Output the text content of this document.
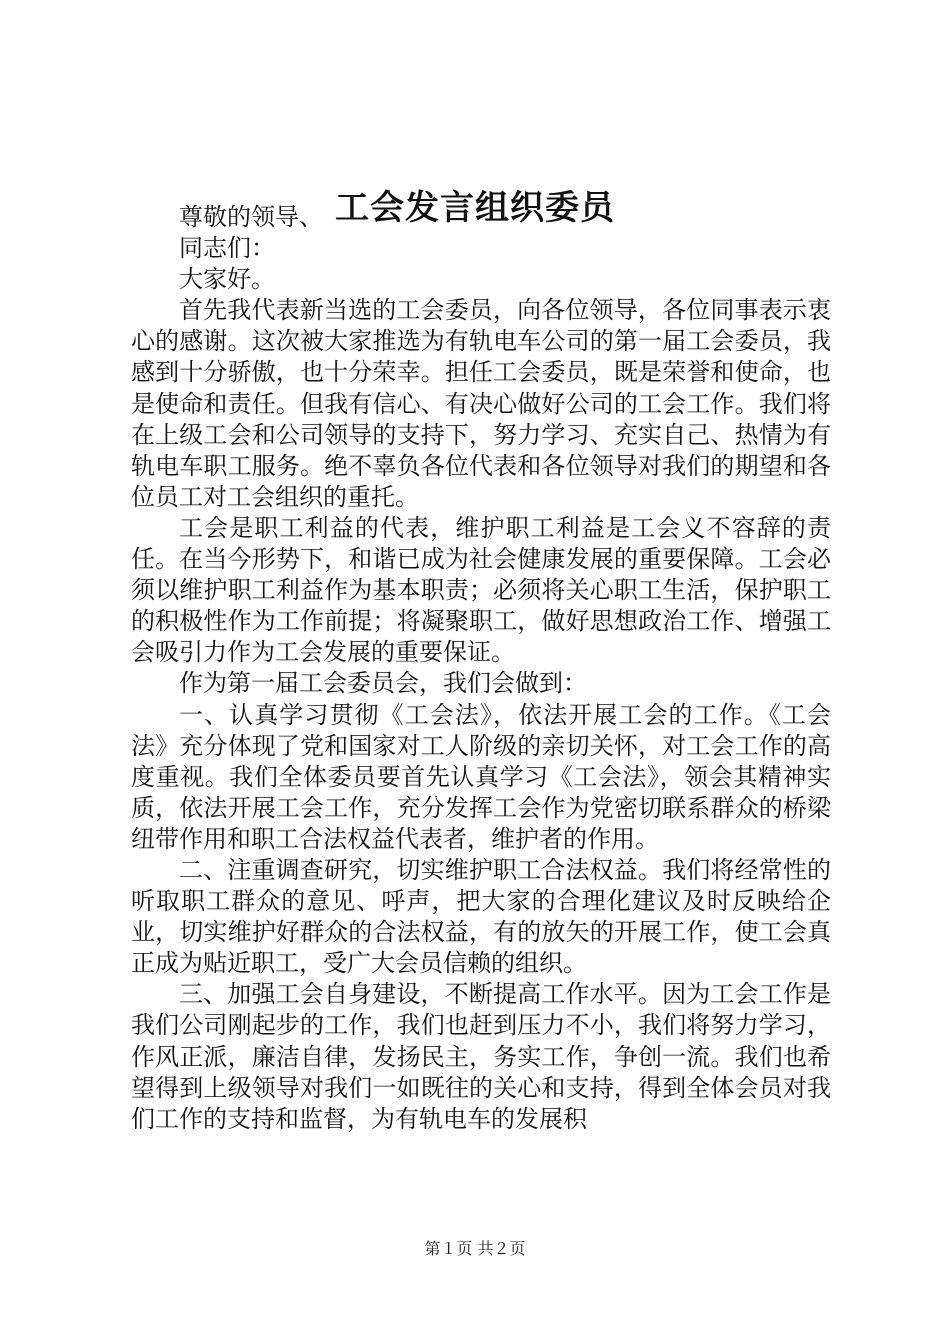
工会发言组织委员

尊敬的领导、

同志们：

大家好。

首先我代表新当选的工会委员，向各位领导，各位同事表示衷心的感谢。这次被大家推选为有轨电车公司的第一届工会委员，我感到十分骄傲，也十分荣幸。担任工会委员，既是荣誉和使命，也是使命和责任。但我有信心、有决心做好公司的工会工作。我们将在上级工会和公司领导的支持下，努力学习、充实自己、热情为有轨电车职工服务。绝不辜负各位代表和各位领导对我们的期望和各位员工对工会组织的重托。

工会是职工利益的代表，维护职工利益是工会义不容辞的责任。在当今形势下，和谐已成为社会健康发展的重要保障。工会必须以维护职工利益作为基本职责；必须将关心职工生活，保护职工的积极性作为工作前提；将凝聚职工，做好思想政治工作、增强工会吸引力作为工会发展的重要保证。

作为第一届工会委员会，我们会做到：

一、认真学习贯彻《工会法》，依法开展工会的工作。《工会法》充分体现了党和国家对工人阶级的亲切关怀，对工会工作的高度重视。我们全体委员要首先认真学习《工会法》，领会其精神实质，依法开展工会工作，充分发挥工会作为党密切联系群众的桥梁纽带作用和职工合法权益代表者，维护者的作用。

二、注重调查研究，切实维护职工合法权益。我们将经常性的听取职工群众的意见、呼声，把大家的合理化建议及时反映给企业，切实维护好群众的合法权益，有的放矢的开展工作，使工会真正成为贴近职工，受广大会员信赖的组织。

三、加强工会自身建设，不断提高工作水平。因为工会工作是我们公司刚起步的工作，我们也赶到压力不小，我们将努力学习，作风正派，廉洁自律，发扬民主，务实工作，争创一流。我们也希望得到上级领导对我们一如既往的关心和支持，得到全体会员对我们工作的支持和监督，为有轨电车的发展积

第１页 共２页
